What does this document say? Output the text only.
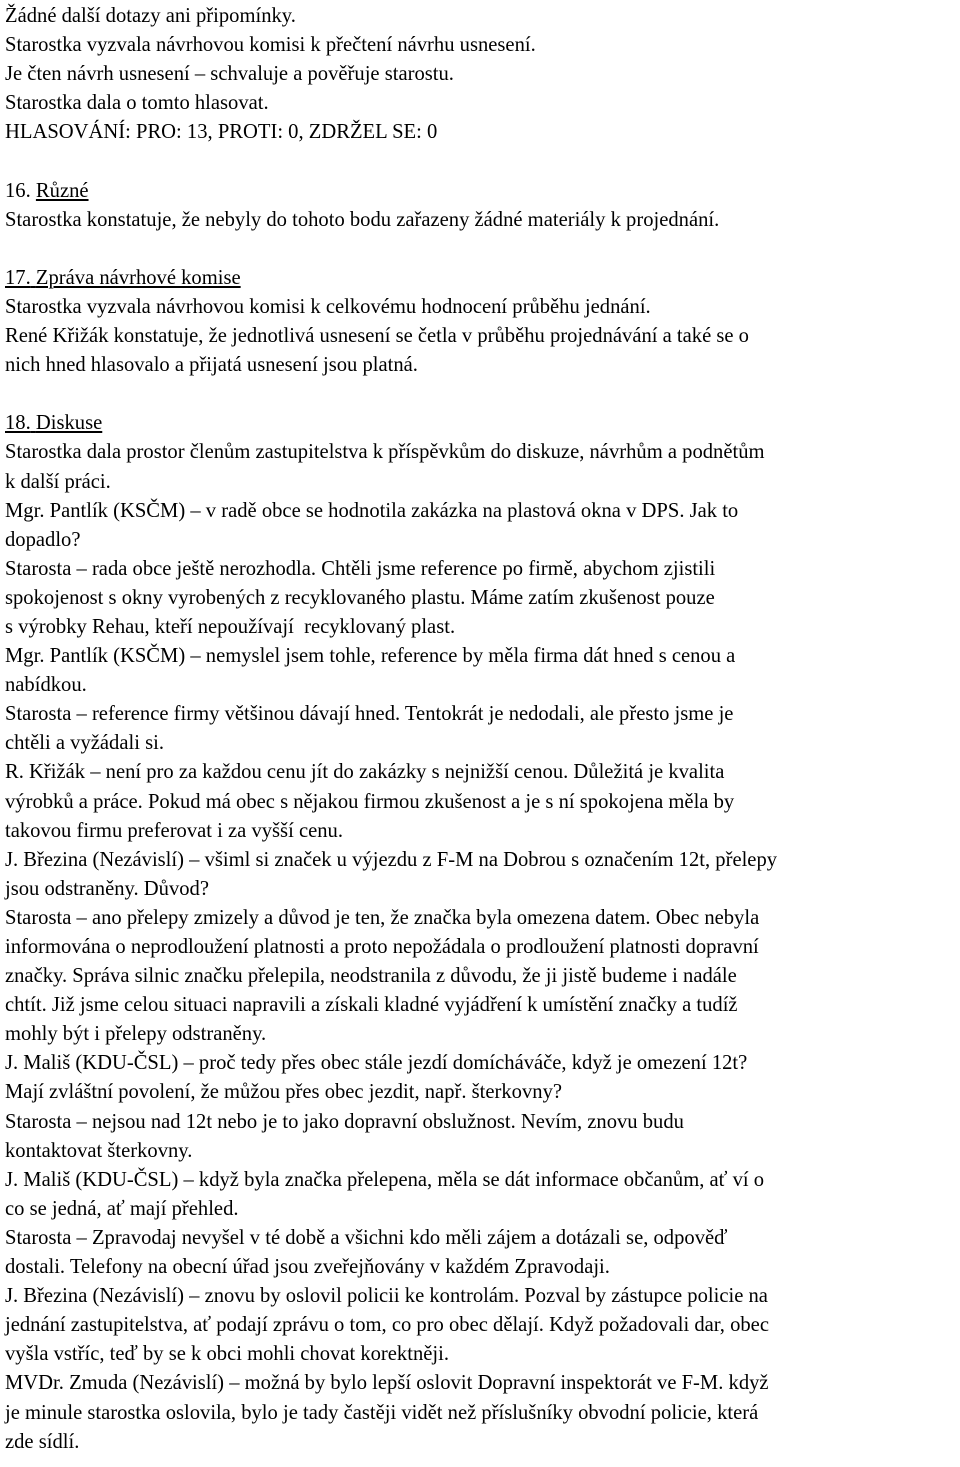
Žádné další dotazy ani připomínky.
Starostka vyzvala návrhovou komisi k přečtení návrhu usnesení.
Je čten návrh usnesení – schvaluje a pověřuje starostu.
Starostka dala o tomto hlasovat.
HLASOVÁNÍ: PRO: 13, PROTI: 0, ZDRŽEL SE: 0
16. Různé
Starostka konstatuje, že nebyly do tohoto bodu zařazeny žádné materiály k projednání.
17. Zpráva návrhové komise
Starostka vyzvala návrhovou komisi k celkovému hodnocení průběhu jednání.
René Křižák konstatuje, že jednotlivá usnesení se četla v průběhu projednávání a také se o
nich hned hlasovalo a přijatá usnesení jsou platná.
18. Diskuse
Starostka dala prostor členům zastupitelstva k příspěvkům do diskuze, návrhům a podnětům
k další práci.
Mgr. Pantlík (KSČM) – v radě obce se hodnotila zakázka na plastová okna v DPS. Jak to
dopadlo?
Starosta – rada obce ještě nerozhodla. Chtěli jsme reference po firmě, abychom zjistili
spokojenost s okny vyrobených z recyklovaného plastu. Máme zatím zkušenost pouze
s výrobky Rehau, kteří nepoužívají  recyklovaný plast.
Mgr. Pantlík (KSČM) – nemyslel jsem tohle, reference by měla firma dát hned s cenou a
nabídkou.
Starosta – reference firmy většinou dávají hned. Tentokrát je nedodali, ale přesto jsme je
chtěli a vyžádali si.
R. Křižák – není pro za každou cenu jít do zakázky s nejnižší cenou. Důležitá je kvalita
výrobků a práce. Pokud má obec s nějakou firmou zkušenost a je s ní spokojena měla by
takovou firmu preferovat i za vyšší cenu.
J. Březina (Nezávislí) – všiml si značek u výjezdu z F-M na Dobrou s označením 12t, přelepy
jsou odstraněny. Důvod?
Starosta – ano přelepy zmizely a důvod je ten, že značka byla omezena datem. Obec nebyla
informována o neprodloužení platnosti a proto nepožádala o prodloužení platnosti dopravní
značky. Správa silnic značku přelepila, neodstranila z důvodu, že ji jistě budeme i nadále
chtít. Již jsme celou situaci napravili a získali kladné vyjádření k umístění značky a tudíž
mohly být i přelepy odstraněny.
J. Mališ (KDU-ČSL) – proč tedy přes obec stále jezdí domícháváče, když je omezení 12t?
Mají zvláštní povolení, že můžou přes obec jezdit, např. šterkovny?
Starosta – nejsou nad 12t nebo je to jako dopravní obslužnost. Nevím, znovu budu
kontaktovat šterkovny.
J. Mališ (KDU-ČSL) – když byla značka přelepena, měla se dát informace občanům, ať ví o
co se jedná, ať mají přehled.
Starosta – Zpravodaj nevyšel v té době a všichni kdo měli zájem a dotázali se, odpověď
dostali. Telefony na obecní úřad jsou zveřejňovány v každém Zpravodaji.
J. Březina (Nezávislí) – znovu by oslovil policii ke kontrolám. Pozval by zástupce policie na
jednání zastupitelstva, ať podají zprávu o tom, co pro obec dělají. Když požadovali dar, obec
vyšla vstříc, teď by se k obci mohli chovat korektněji.
MVDr. Zmuda (Nezávislí) – možná by bylo lepší oslovit Dopravní inspektorát ve F-M. když
je minule starostka oslovila, bylo je tady častěji vidět než příslušníky obvodní policie, která
zde sídlí.
